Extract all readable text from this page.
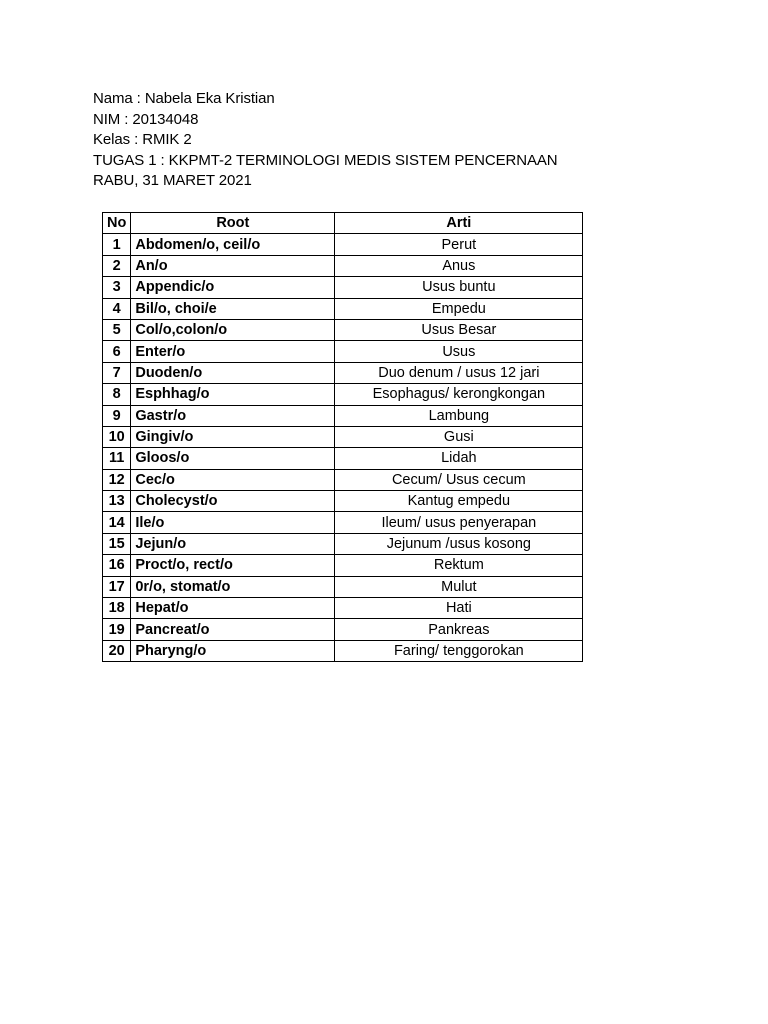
Nama : Nabela Eka Kristian
NIM : 20134048
Kelas : RMIK 2
TUGAS 1 : KKPMT-2 TERMINOLOGI MEDIS SISTEM PENCERNAAN
RABU, 31 MARET 2021
No	Root	Arti
1	Abdomen/o, ceil/o	Perut
2	An/o	Anus
3	Appendic/o	Usus buntu
4	Bil/o, choi/e	Empedu
5	Col/o,colon/o	Usus Besar
6	Enter/o	Usus
7	Duoden/o	Duo denum / usus 12 jari
8	Esphhag/o	Esophagus/ kerongkongan
9	Gastr/o	Lambung
10	Gingiv/o	Gusi
11	Gloos/o	Lidah
12	Cec/o	Cecum/ Usus cecum
13	Cholecyst/o	Kantug empedu
14	Ile/o	Ileum/ usus penyerapan
15	Jejun/o	Jejunum /usus kosong
16	Proct/o, rect/o	Rektum
17	0r/o, stomat/o	Mulut
18	Hepat/o	Hati
19	Pancreat/o	Pankreas
20	Pharyng/o	Faring/ tenggorokan
